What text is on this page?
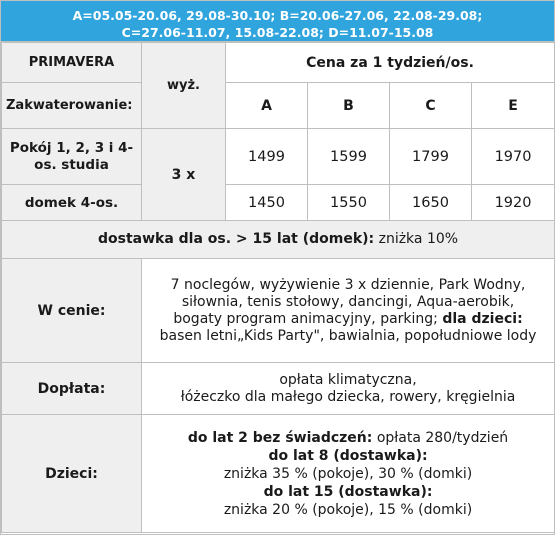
A=05.05-20.06, 29.08-30.10; B=20.06-27.06, 22.08-29.08;
C=27.06-11.07, 15.08-22.08; D=11.07-15.08
PRIMAVERA	wyż.	Cena za 1 tydzień/os.			
Zakwaterowanie:		A	B	C	E
Pokój 1, 2, 3 i 4-os. studia	3 x	1499	1599	1799	1970
domek 4-os.		1450	1550	1650	1920
dostawka dla os. > 15 lat (domek): zniżka 10%					
W cenie:	7 noclegów, wyżywienie 3 x dziennie, Park Wodny, siłownia, tenis stołowy, dancingi, Aqua-aerobik, bogaty program animacyjny, parking; dla dzieci: basen letni„Kids Party", bawialnia, popołudniowe lody				
Dopłata:	opłata klimatyczna,
łóżeczko dla małego dziecka, rowery, kręgielnia				

Dzieci:	do lat 2 bez świadczeń: opłata 280/tydzień
do lat 8 (dostawka):
zniżka 35 % (pokoje), 30 % (domki)
do lat 15 (dostawka):
zniżka 20 % (pokoje), 15 % (domki)				
